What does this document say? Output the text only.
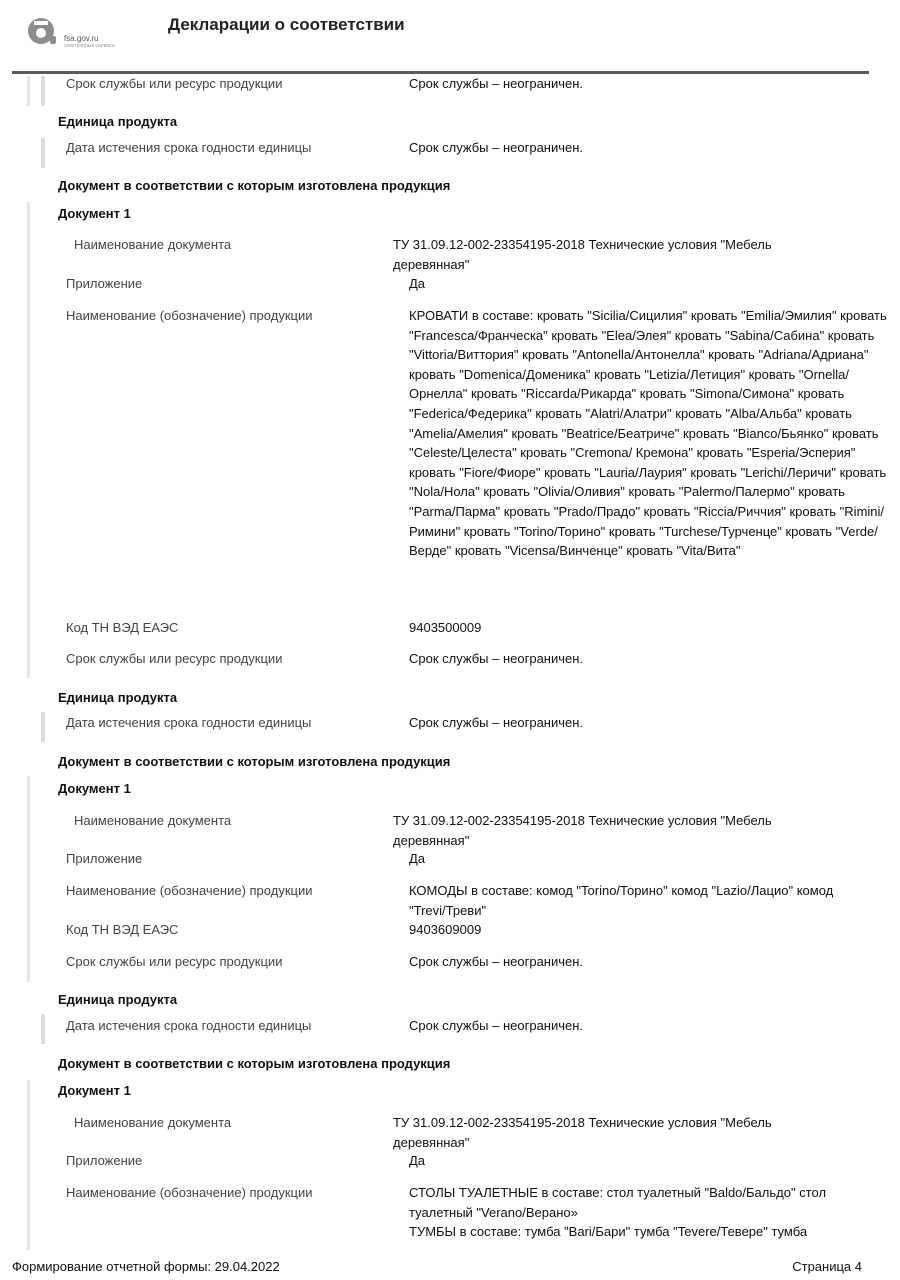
fsa.gov.ru
электронные сервисы
Декларации о соответствии
Срок службы или ресурс продукции	Срок службы – неограничен.
Единица продукта
Дата истечения срока годности единицы	Срок службы – неограничен.
Документ в соответствии с которым изготовлена продукция
Документ 1
Наименование документа	ТУ 31.09.12-002-23354195-2018 Технические условия "Мебель деревянная"
Приложение	Да
Наименование (обозначение) продукции	КРОВАТИ в составе: кровать "Sicilia/Сицилия" кровать "Emilia/Эмилия" кровать "Francesca/Франческа" кровать "Elea/Элея" кровать "Sabina/Сабина" кровать "Vittoria/Виттория" кровать "Antonella/Антонелла" кровать "Adriana/Адриана" кровать "Domenica/Доменика" кровать "Letizia/Летиция" кровать "Ornella/Орнелла" кровать "Riccarda/Рикарда" кровать "Simona/Симона" кровать "Federica/Федерика" кровать "Alatri/Алатри" кровать "Alba/Альба" кровать "Amelia/Амелия" кровать "Beatrice/Беатриче" кровать "Bianco/Бьянко" кровать "Celeste/Целеста" кровать "Cremona/ Кремона" кровать "Esperia/Эсперия" кровать "Fiore/Фиоре" кровать "Lauria/Лаурия" кровать "Lerichi/Леричи" кровать "Nola/Нола" кровать "Olivia/Оливия" кровать "Palermo/Палермо" кровать "Parma/Парма" кровать "Prado/Прадо" кровать "Riccia/Риччия" кровать "Rimini/Римини" кровать "Torino/Торино" кровать "Turchese/Турченце" кровать "Verde/Верде" кровать "Vicensa/Винченце" кровать "Vita/Вита"
Код ТН ВЭД ЕАЭС	9403500009
Срок службы или ресурс продукции	Срок службы – неограничен.
Единица продукта
Дата истечения срока годности единицы	Срок службы – неограничен.
Документ в соответствии с которым изготовлена продукция
Документ 1
Наименование документа	ТУ 31.09.12-002-23354195-2018 Технические условия "Мебель деревянная"
Приложение	Да
Наименование (обозначение) продукции	КОМОДЫ в составе: комод "Torino/Торино" комод "Lazio/Лацио" комод "Trevi/Треви"
Код ТН ВЭД ЕАЭС	9403609009
Срок службы или ресурс продукции	Срок службы – неограничен.
Единица продукта
Дата истечения срока годности единицы	Срок службы – неограничен.
Документ в соответствии с которым изготовлена продукция
Документ 1
Наименование документа	ТУ 31.09.12-002-23354195-2018 Технические условия "Мебель деревянная"
Приложение	Да
Наименование (обозначение) продукции	СТОЛЫ ТУАЛЕТНЫЕ в составе: стол туалетный "Baldo/Бальдо" стол туалетный "Verano/Верано»
ТУМБЫ в составе: тумба "Bari/Бари" тумба "Tevere/Тевере" тумба
Формирование отчетной формы: 29.04.2022	Страница 4
